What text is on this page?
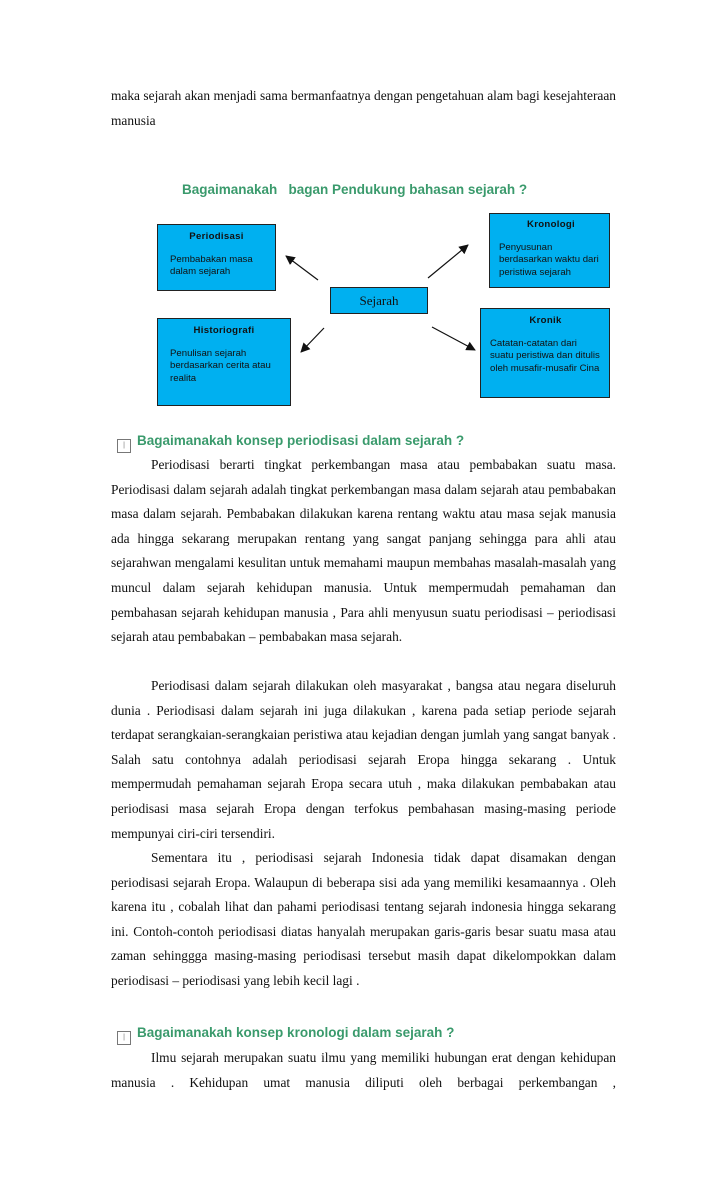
maka sejarah akan menjadi sama bermanfaatnya dengan pengetahuan alam bagi kesejahteraan manusia

Bagaimanakah   bagan Pendukung bahasan sejarah ?
Periodisasi
Pembabakan masa dalam sejarah
Kronologi
Penyusunan berdasarkan waktu dari peristiwa sejarah
Historiografi
Penulisan sejarah berdasarkan cerita atau realita
Kronik
Catatan-catatan dari suatu peristiwa dan ditulis oleh musafir-musafir Cina
Sejarah
| Bagaimanakah konsep periodisasi dalam sejarah ?

Periodisasi berarti tingkat perkembangan masa atau pembabakan suatu masa. Periodisasi dalam sejarah adalah tingkat perkembangan masa dalam sejarah atau pembabakan masa dalam sejarah. Pembabakan dilakukan karena rentang waktu atau masa sejak manusia ada hingga sekarang merupakan rentang yang sangat panjang sehingga para ahli atau sejarahwan mengalami kesulitan untuk memahami maupun membahas masalah-masalah yang muncul dalam sejarah kehidupan manusia. Untuk mempermudah pemahaman dan pembahasan sejarah kehidupan manusia , Para ahli menyusun suatu periodisasi – periodisasi sejarah atau pembabakan – pembabakan masa sejarah.

Periodisasi dalam sejarah dilakukan oleh masyarakat , bangsa atau negara diseluruh dunia . Periodisasi dalam sejarah ini juga dilakukan , karena pada setiap periode sejarah terdapat serangkaian-serangkaian peristiwa atau kejadian dengan jumlah yang sangat banyak . Salah satu contohnya adalah periodisasi sejarah Eropa hingga sekarang . Untuk mempermudah pemahaman sejarah Eropa secara utuh , maka dilakukan pembabakan atau periodisasi masa sejarah Eropa dengan terfokus pembahasan masing-masing periode mempunyai ciri-ciri tersendiri.

Sementara itu , periodisasi sejarah Indonesia tidak dapat disamakan dengan periodisasi sejarah Eropa. Walaupun di beberapa sisi ada yang memiliki kesamaannya . Oleh karena itu , cobalah lihat dan pahami periodisasi tentang sejarah indonesia hingga sekarang ini. Contoh-contoh periodisasi diatas hanyalah merupakan garis-garis besar suatu masa atau zaman sehinggga masing-masing periodisasi tersebut masih dapat dikelompokkan dalam periodisasi – periodisasi yang lebih kecil lagi .

| Bagaimanakah konsep kronologi dalam sejarah ?

Ilmu sejarah merupakan suatu ilmu yang memiliki hubungan erat dengan kehidupan manusia . Kehidupan umat manusia diliputi oleh berbagai perkembangan ,
